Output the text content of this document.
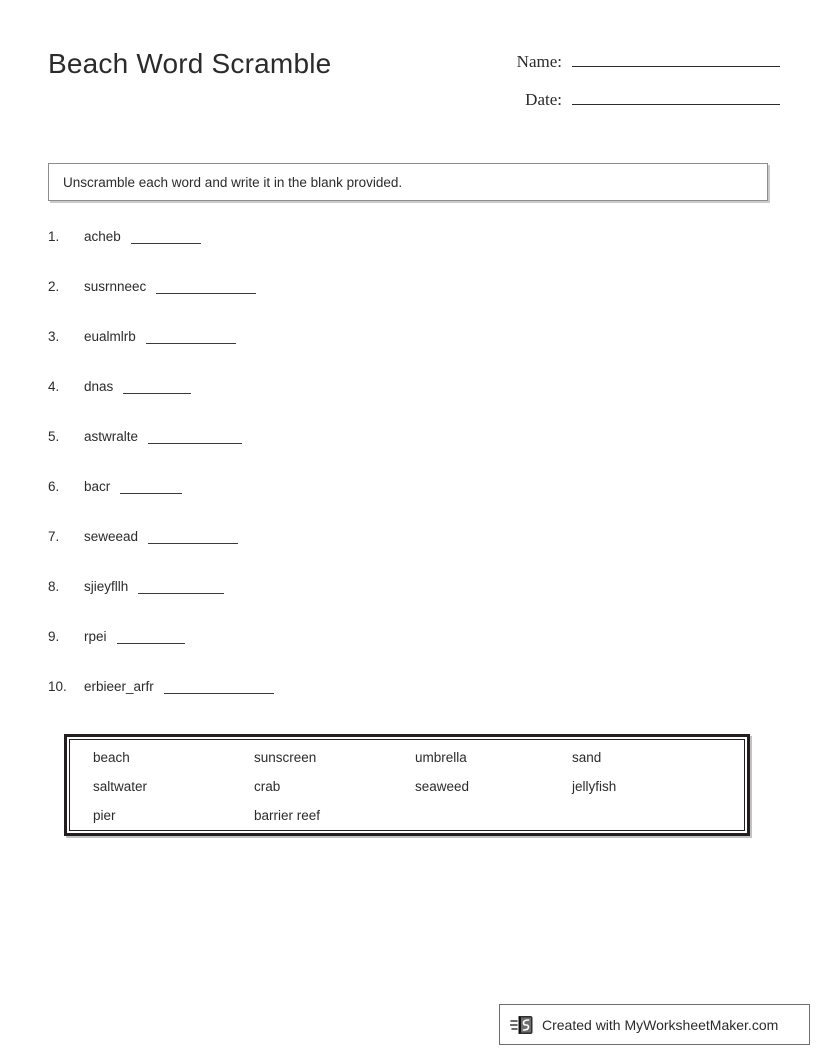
Beach Word Scramble	Name:
Date:
Unscramble each word and write it in the blank provided.
1.	acheb
2.	susrnneec
3.	eualmlrb
4.	dnas
5.	astwralte
6.	bacr
7.	seweead
8.	sjieyfllh
9.	rpei
10.	erbieer_arfr
beach	sunscreen	umbrella	sand
saltwater	crab	seaweed	jellyfish
pier	barrier reef
Created with MyWorksheetMaker.com
